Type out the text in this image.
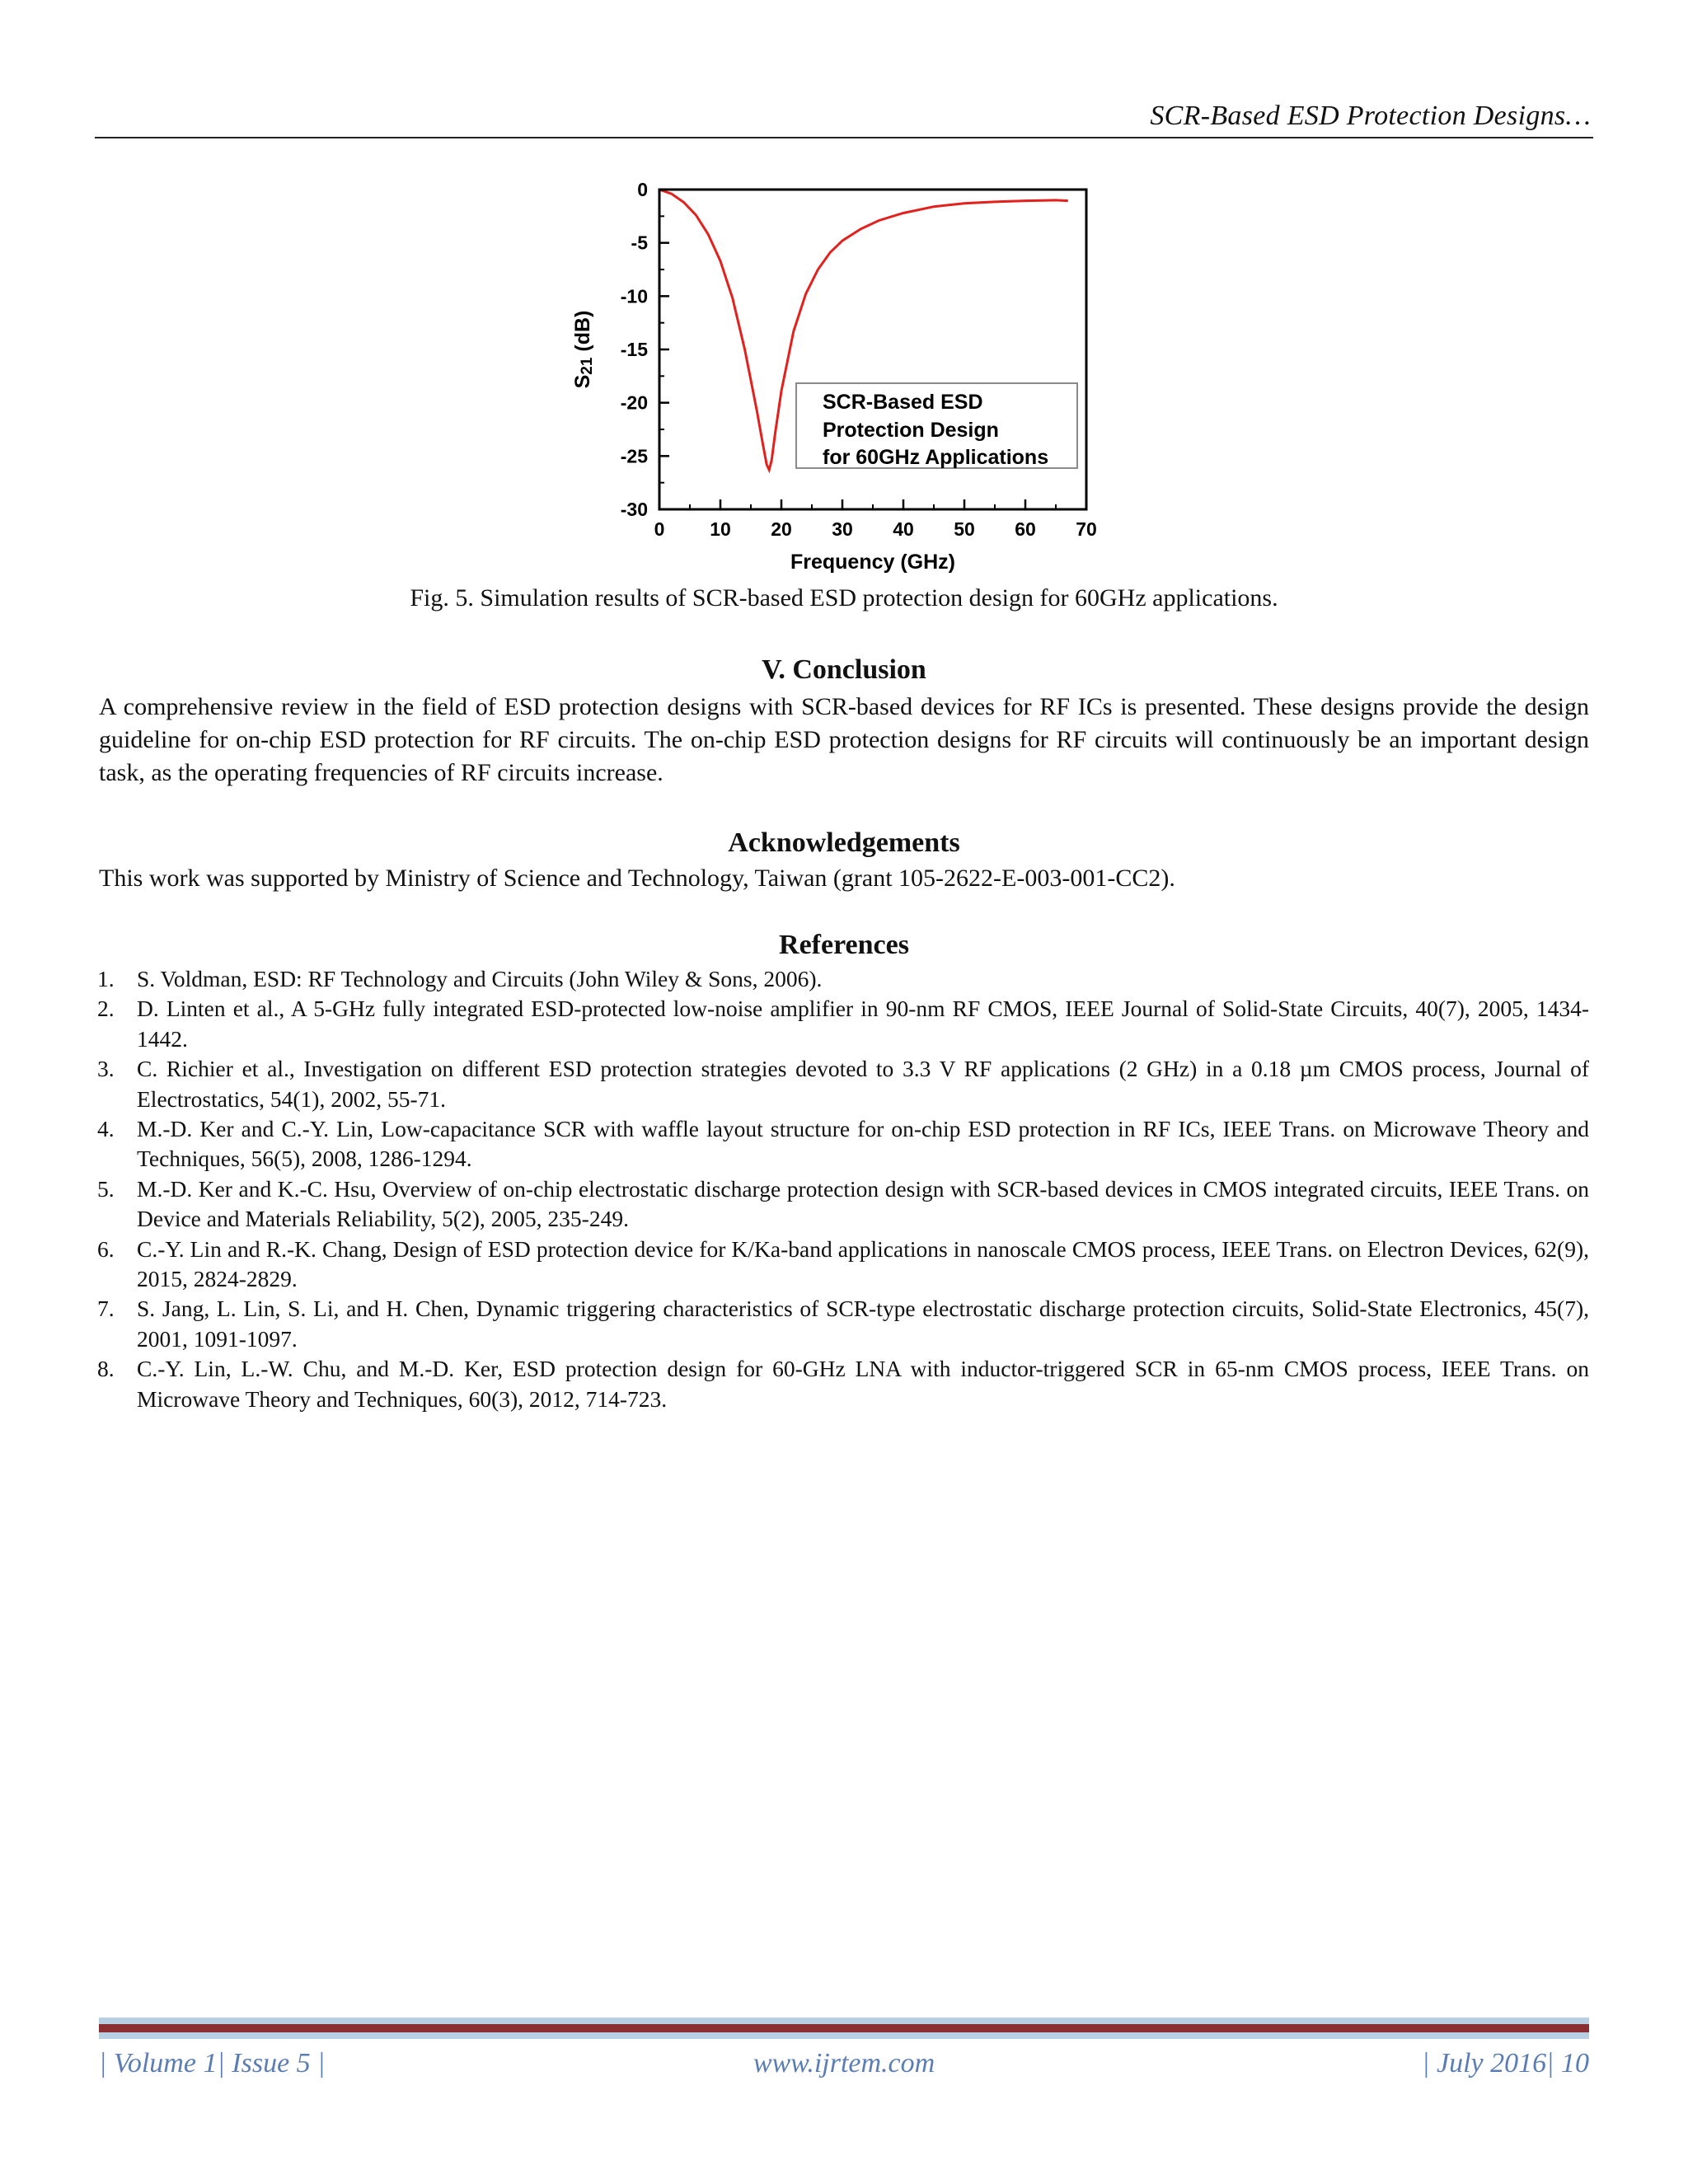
SCR-Based ESD Protection Designs…
0 10 20 30 40 50 60 70
0
-5
-10
-15
-20
-25
-30
SCR-Based ESD
Protection Design
for 60GHz Applications
Frequency (GHz)
S21 (dB)
Fig. 5. Simulation results of SCR-based ESD protection design for 60GHz applications.
V. Conclusion

A comprehensive review in the field of ESD protection designs with SCR-based devices for RF ICs is presented. These designs provide the design guideline for on-chip ESD protection for RF circuits. The on-chip ESD protection designs for RF circuits will continuously be an important design task, as the operating frequencies of RF circuits increase.

Acknowledgements

This work was supported by Ministry of Science and Technology, Taiwan (grant 105-2622-E-003-001-CC2).

References
1. S. Voldman, ESD: RF Technology and Circuits (John Wiley & Sons, 2006).
2. D. Linten et al., A 5-GHz fully integrated ESD-protected low-noise amplifier in 90-nm RF CMOS, IEEE Journal of Solid-State Circuits, 40(7), 2005, 1434-1442.
3. C. Richier et al., Investigation on different ESD protection strategies devoted to 3.3 V RF applications (2 GHz) in a 0.18 µm CMOS process, Journal of Electrostatics, 54(1), 2002, 55-71.
4. M.-D. Ker and C.-Y. Lin, Low-capacitance SCR with waffle layout structure for on-chip ESD protection in RF ICs, IEEE Trans. on Microwave Theory and Techniques, 56(5), 2008, 1286-1294.
5. M.-D. Ker and K.-C. Hsu, Overview of on-chip electrostatic discharge protection design with SCR-based devices in CMOS integrated circuits, IEEE Trans. on Device and Materials Reliability, 5(2), 2005, 235-249.
6. C.-Y. Lin and R.-K. Chang, Design of ESD protection device for K/Ka-band applications in nanoscale CMOS process, IEEE Trans. on Electron Devices, 62(9), 2015, 2824-2829.
7. S. Jang, L. Lin, S. Li, and H. Chen, Dynamic triggering characteristics of SCR-type electrostatic discharge protection circuits, Solid-State Electronics, 45(7), 2001, 1091-1097.
8. C.-Y. Lin, L.-W. Chu, and M.-D. Ker, ESD protection design for 60-GHz LNA with inductor-triggered SCR in 65-nm CMOS process, IEEE Trans. on Microwave Theory and Techniques, 60(3), 2012, 714-723.
| Volume 1| Issue 5 |	www.ijrtem.com	| July 2016| 10
